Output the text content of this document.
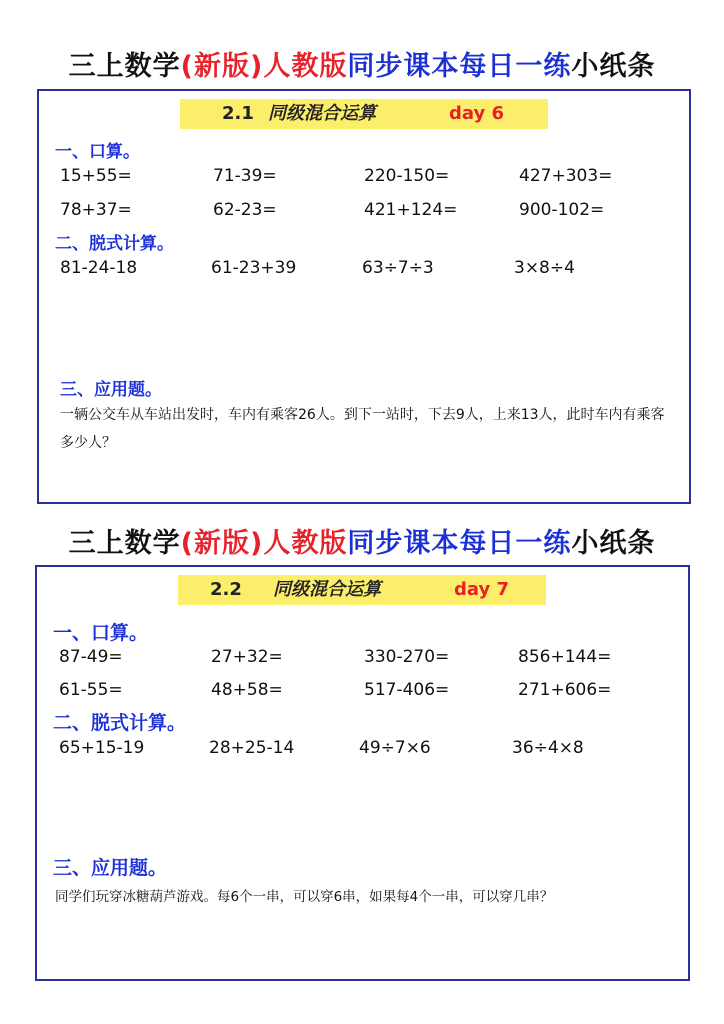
三上数学(新版)人教版同步课本每日一练小纸条
2.1 同级混合运算	day 6
一、口算。
15+55=	71-39=	220-150=	427+303=
78+37=	62-23=	421+124=	900-102=
二、脱式计算。
81-24-18	61-23+39	63÷7÷3	3×8÷4
三、应用题。
一辆公交车从车站出发时，车内有乘客26人。到下一站时，下去9人，上来13人，此时车内有乘客多少人？
三上数学(新版)人教版同步课本每日一练小纸条
2.2 同级混合运算	day 7
一、口算。
87-49=	27+32=	330-270=	856+144=
61-55=	48+58=	517-406=	271+606=
二、脱式计算。
65+15-19	28+25-14	49÷7×6	36÷4×8
三、应用题。
同学们玩穿冰糖葫芦游戏。每6个一串，可以穿6串，如果每4个一串，可以穿几串？
